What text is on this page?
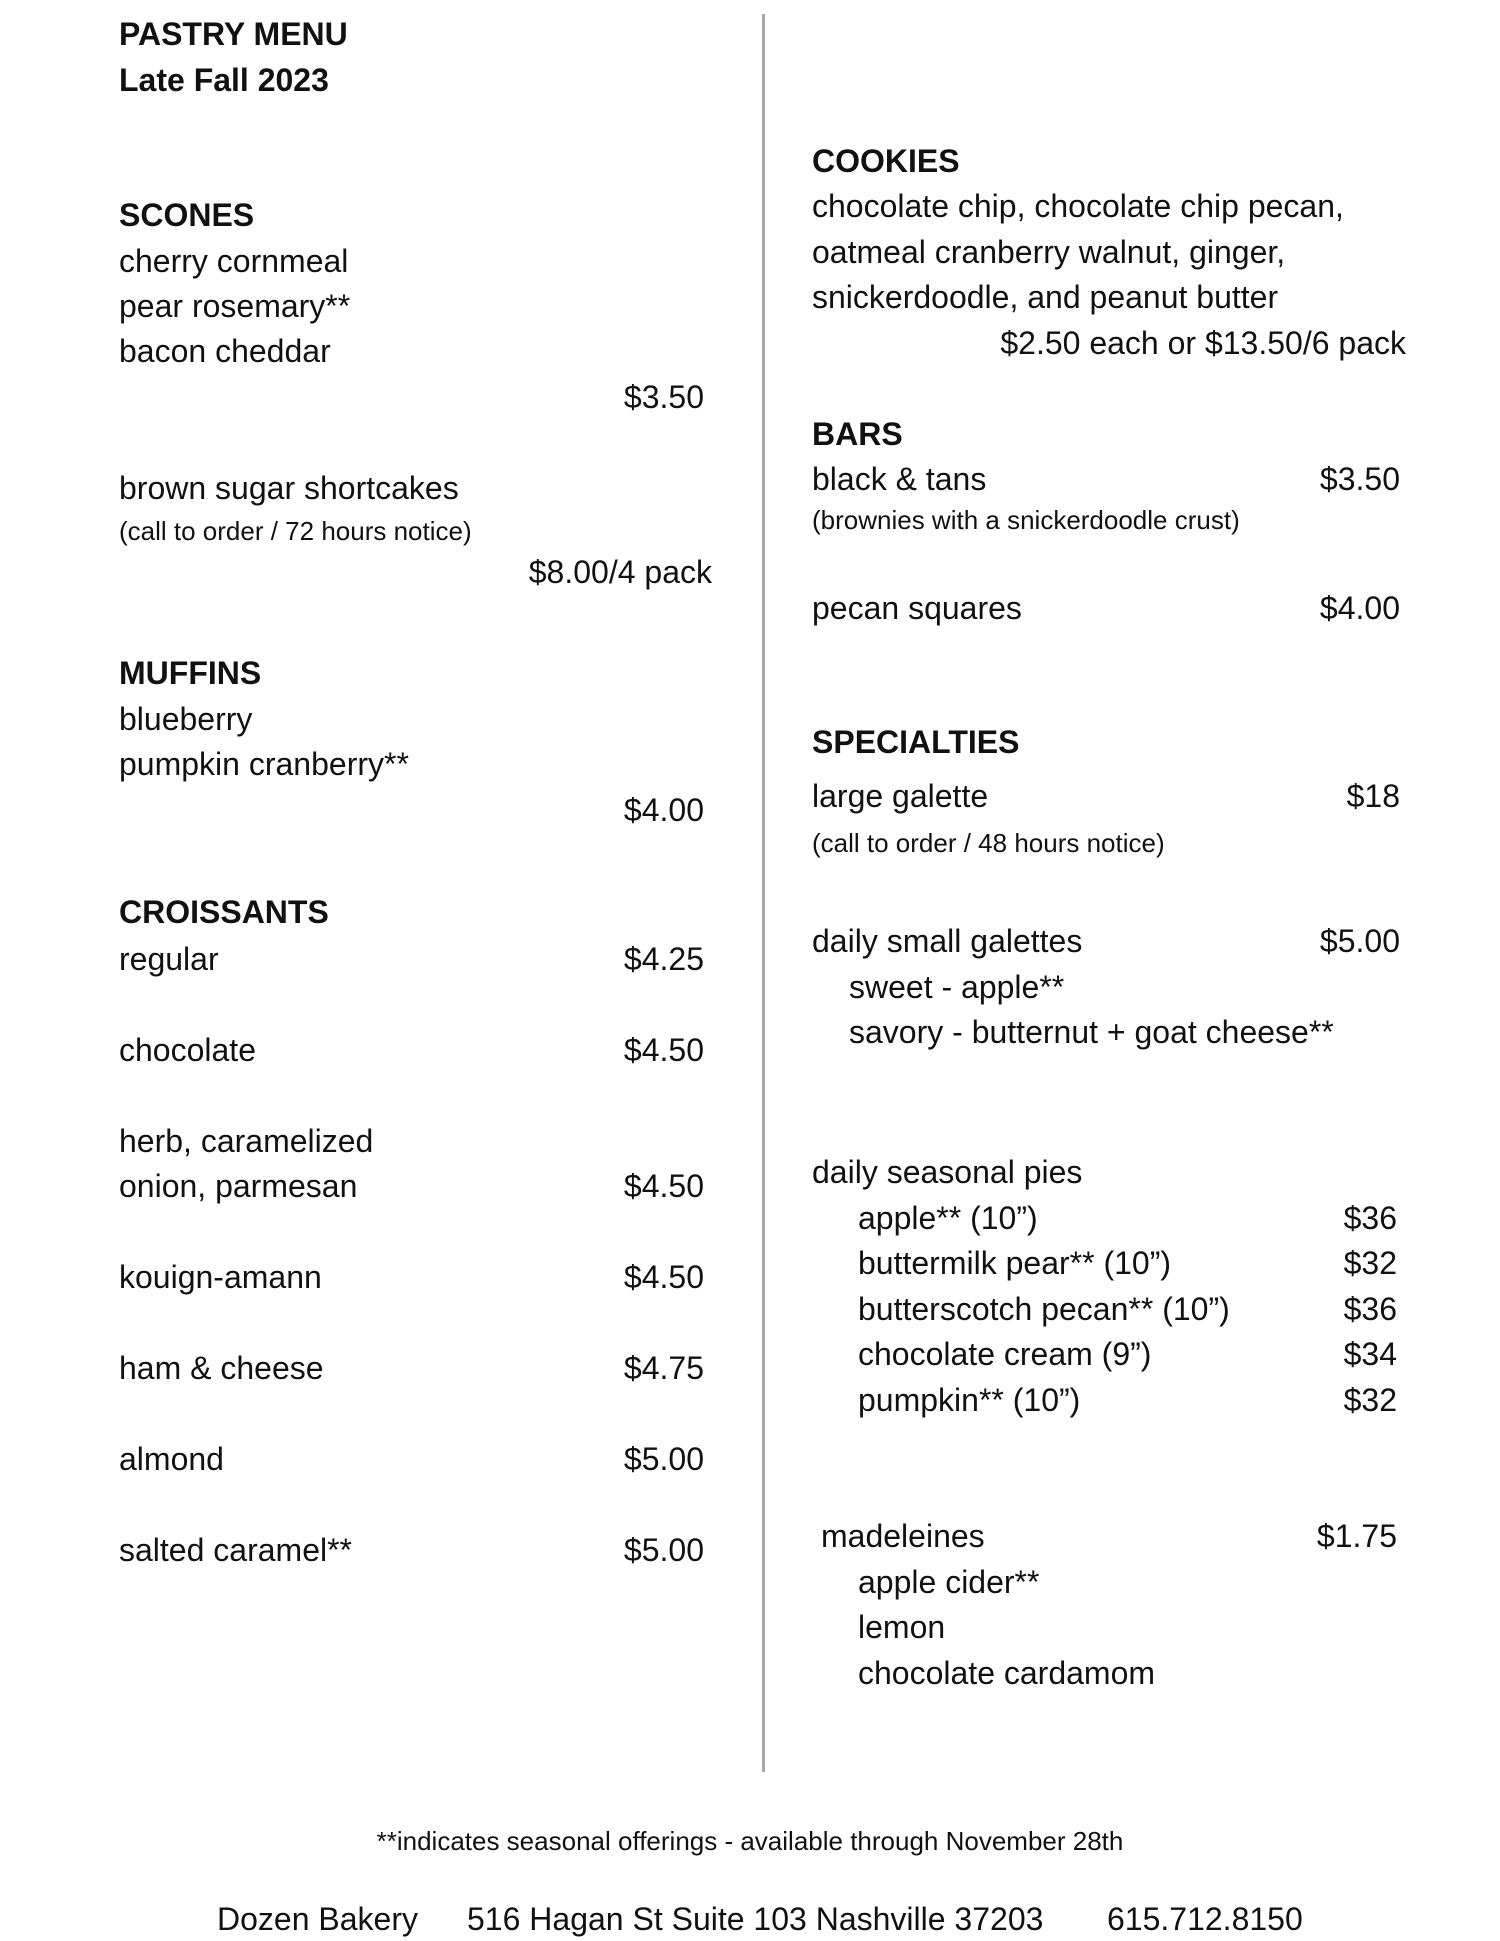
PASTRY MENU
Late Fall 2023
SCONES
cherry cornmeal
pear rosemary**
bacon cheddar
$3.50
brown sugar shortcakes
(call to order / 72 hours notice)
$8.00/4 pack
MUFFINS
blueberry
pumpkin cranberry**
$4.00
CROISSANTS
regular	$4.25
chocolate	$4.50
herb, caramelized
onion, parmesan	$4.50
kouign-amann	$4.50
ham & cheese	$4.75
almond	$5.00
salted caramel**	$5.00
COOKIES
chocolate chip, chocolate chip pecan,
oatmeal cranberry walnut, ginger,
snickerdoodle, and peanut butter
$2.50 each or $13.50/6 pack
BARS
black & tans	$3.50
(brownies with a snickerdoodle crust)
pecan squares	$4.00
SPECIALTIES
large galette	$18
(call to order / 48 hours notice)
daily small galettes	$5.00
sweet - apple**
savory - butternut + goat cheese**
daily seasonal pies
apple** (10”)	$36
buttermilk pear** (10”)	$32
butterscotch pecan** (10”)	$36
chocolate cream (9”)	$34
pumpkin** (10”)	$32
madeleines	$1.75
apple cider**
lemon
chocolate cardamom
**indicates seasonal offerings - available through November 28th
Dozen Bakery 516 Hagan St Suite 103 Nashville 37203 615.712.8150
